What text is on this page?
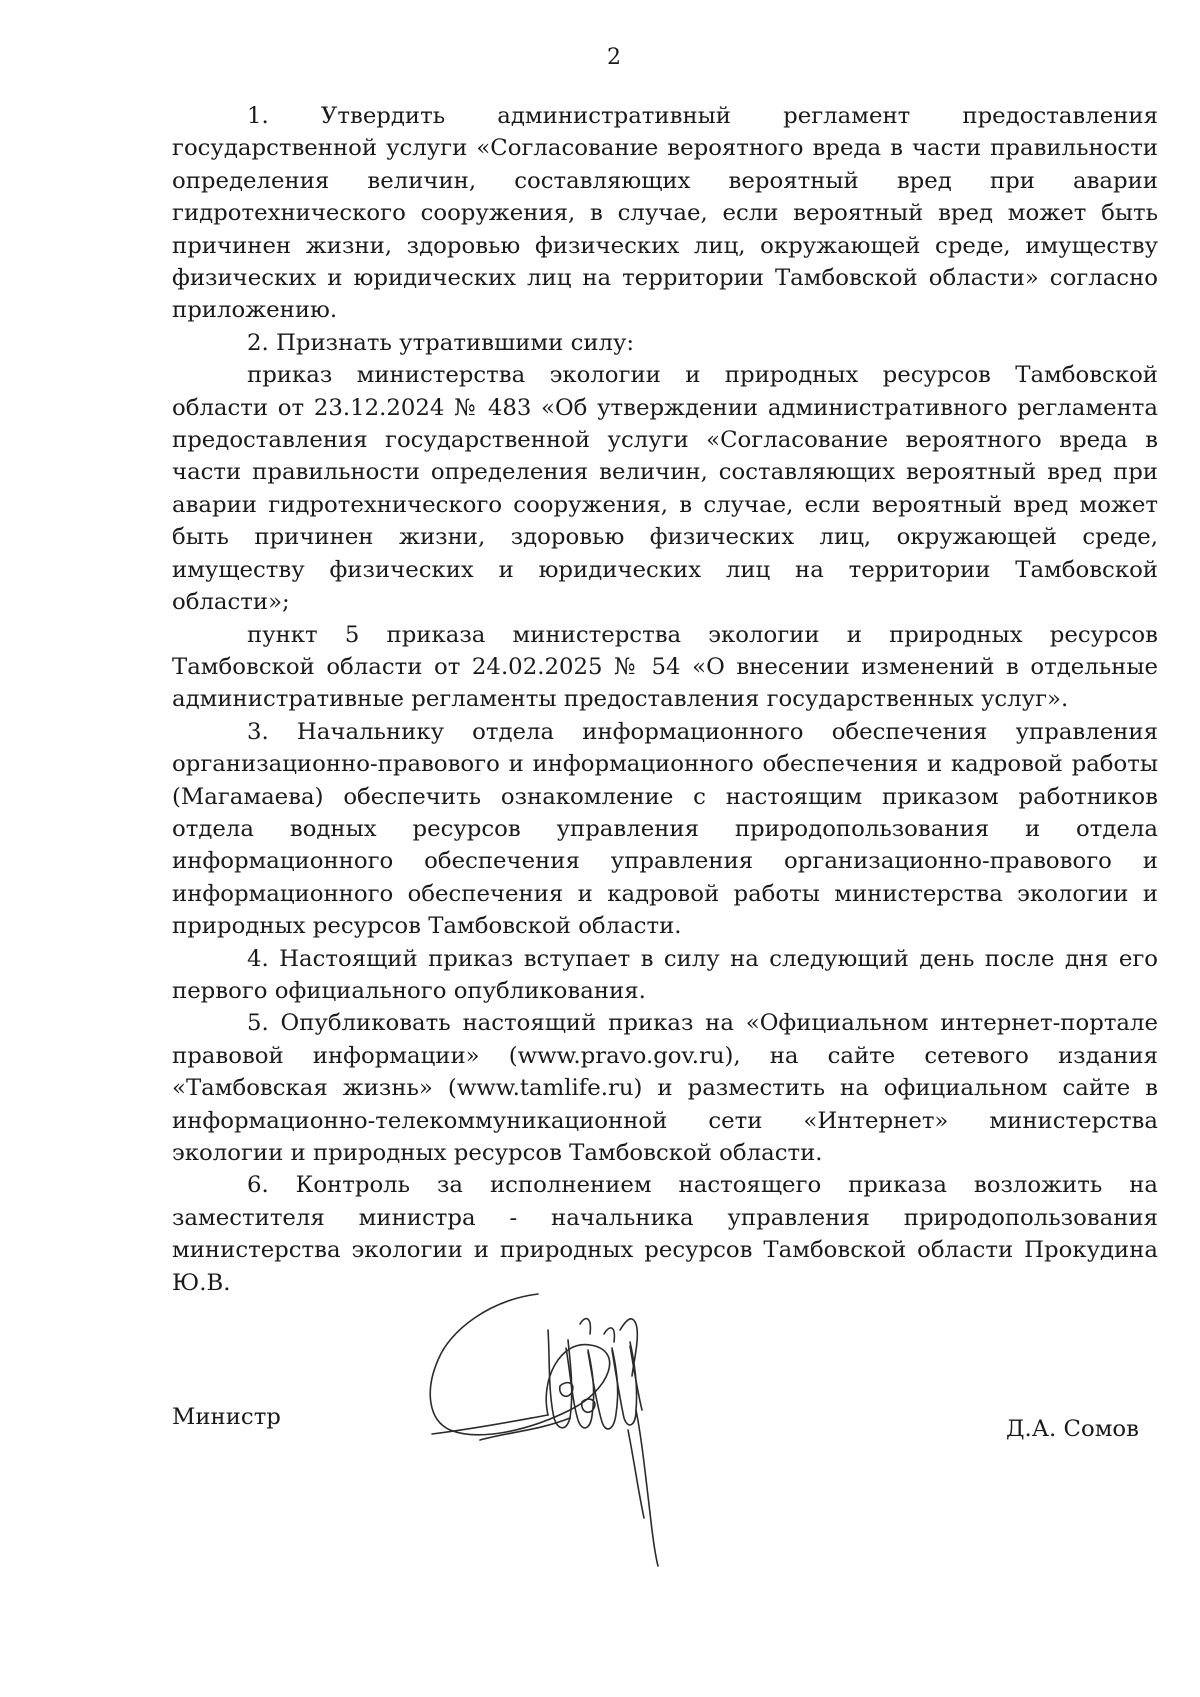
2

1. Утвердить административный регламент предоставления государственной услуги «Согласование вероятного вреда в части правильности определения величин, составляющих вероятный вред при аварии гидротехнического сооружения, в случае, если вероятный вред может быть причинен жизни, здоровью физических лиц, окружающей среде, имуществу физических и юридических лиц на территории Тамбовской области» согласно приложению.

2. Признать утратившими силу:

приказ министерства экологии и природных ресурсов Тамбовской области от 23.12.2024 № 483 «Об утверждении административного регламента предоставления государственной услуги «Согласование вероятного вреда в части правильности определения величин, составляющих вероятный вред при аварии гидротехнического сооружения, в случае, если вероятный вред может быть причинен жизни, здоровью физических лиц, окружающей среде, имуществу физических и юридических лиц на территории Тамбовской области»;

пункт 5 приказа министерства экологии и природных ресурсов Тамбовской области от 24.02.2025 № 54 «О внесении изменений в отдельные административные регламенты предоставления государственных услуг».

3. Начальнику отдела информационного обеспечения управления организационно-правового и информационного обеспечения и кадровой работы (Магамаева) обеспечить ознакомление с настоящим приказом работников отдела водных ресурсов управления природопользования и отдела информационного обеспечения управления организационно-правового и информационного обеспечения и кадровой работы министерства экологии и природных ресурсов Тамбовской области.

4. Настоящий приказ вступает в силу на следующий день после дня его первого официального опубликования.

5. Опубликовать настоящий приказ на «Официальном интернет-портале правовой информации» (www.pravo.gov.ru), на сайте сетевого издания «Тамбовская жизнь» (www.tamlife.ru) и разместить на официальном сайте в информационно-телекоммуникационной сети «Интернет» министерства экологии и природных ресурсов Тамбовской области.

6. Контроль за исполнением настоящего приказа возложить на заместителя министра - начальника управления природопользования министерства экологии и природных ресурсов Тамбовской области Прокудина Ю.В.

Министр	Д.А. Сомов
